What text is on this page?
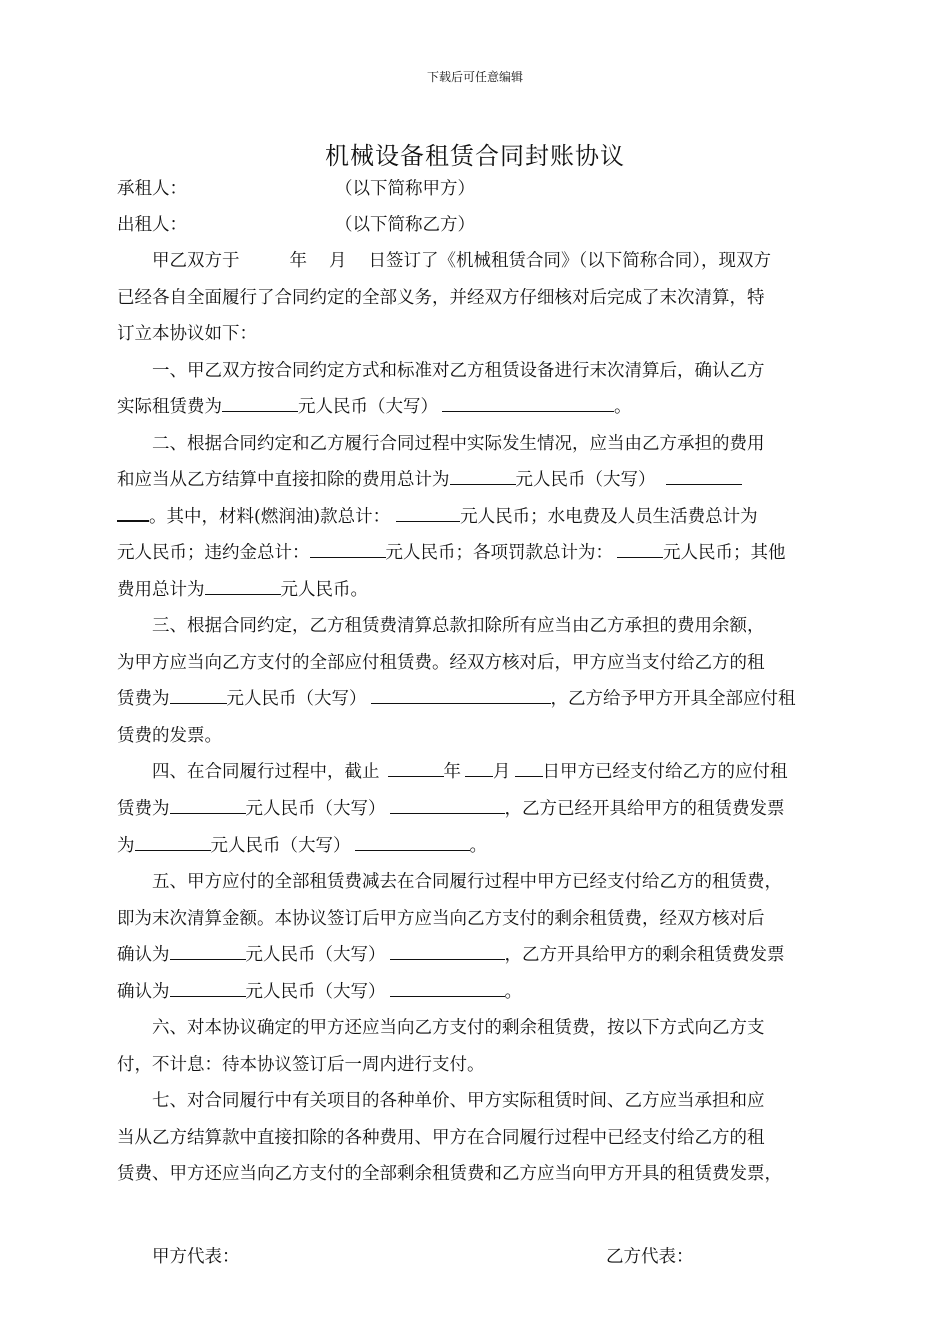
下载后可任意编辑
机械设备租赁合同封账协议
承租人：	（以下简称甲方）
出租人：	（以下简称乙方）
甲乙双方于	年 月 日签订了《机械租赁合同》（以下简称合同），现双方
已经各自全面履行了合同约定的全部义务，并经双方仔细核对后完成了末次清算，特
订立本协议如下：
一、甲乙双方按合同约定方式和标准对乙方租赁设备进行末次清算后，确认乙方
实际租赁费为	元人民币（大写）	。
二、根据合同约定和乙方履行合同过程中实际发生情况，应当由乙方承担的费用
和应当从乙方结算中直接扣除的费用总计为	元人民币（大写）
。其中，材料(燃润油)款总计：	元人民币；水电费及人员生活费总计为
元人民币；违约金总计：	元人民币；各项罚款总计为：	元人民币；其他
费用总计为	元人民币。
三、根据合同约定，乙方租赁费清算总款扣除所有应当由乙方承担的费用余额，
为甲方应当向乙方支付的全部应付租赁费。经双方核对后，甲方应当支付给乙方的租
赁费为	元人民币（大写）	，乙方给予甲方开具全部应付租
赁费的发票。
四、在合同履行过程中，截止	年 月 日甲方已经支付给乙方的应付租
赁费为	元人民币（大写）	，乙方已经开具给甲方的租赁费发票
为	元人民币（大写）	。
五、甲方应付的全部租赁费减去在合同履行过程中甲方已经支付给乙方的租赁费，
即为末次清算金额。本协议签订后甲方应当向乙方支付的剩余租赁费，经双方核对后
确认为	元人民币（大写）	，乙方开具给甲方的剩余租赁费发票
确认为	元人民币（大写）	。
六、对本协议确定的甲方还应当向乙方支付的剩余租赁费，按以下方式向乙方支
付，不计息：待本协议签订后一周内进行支付。
七、对合同履行中有关项目的各种单价、甲方实际租赁时间、乙方应当承担和应
当从乙方结算款中直接扣除的各种费用、甲方在合同履行过程中已经支付给乙方的租
赁费、甲方还应当向乙方支付的全部剩余租赁费和乙方应当向甲方开具的租赁费发票，
甲方代表：	乙方代表：
